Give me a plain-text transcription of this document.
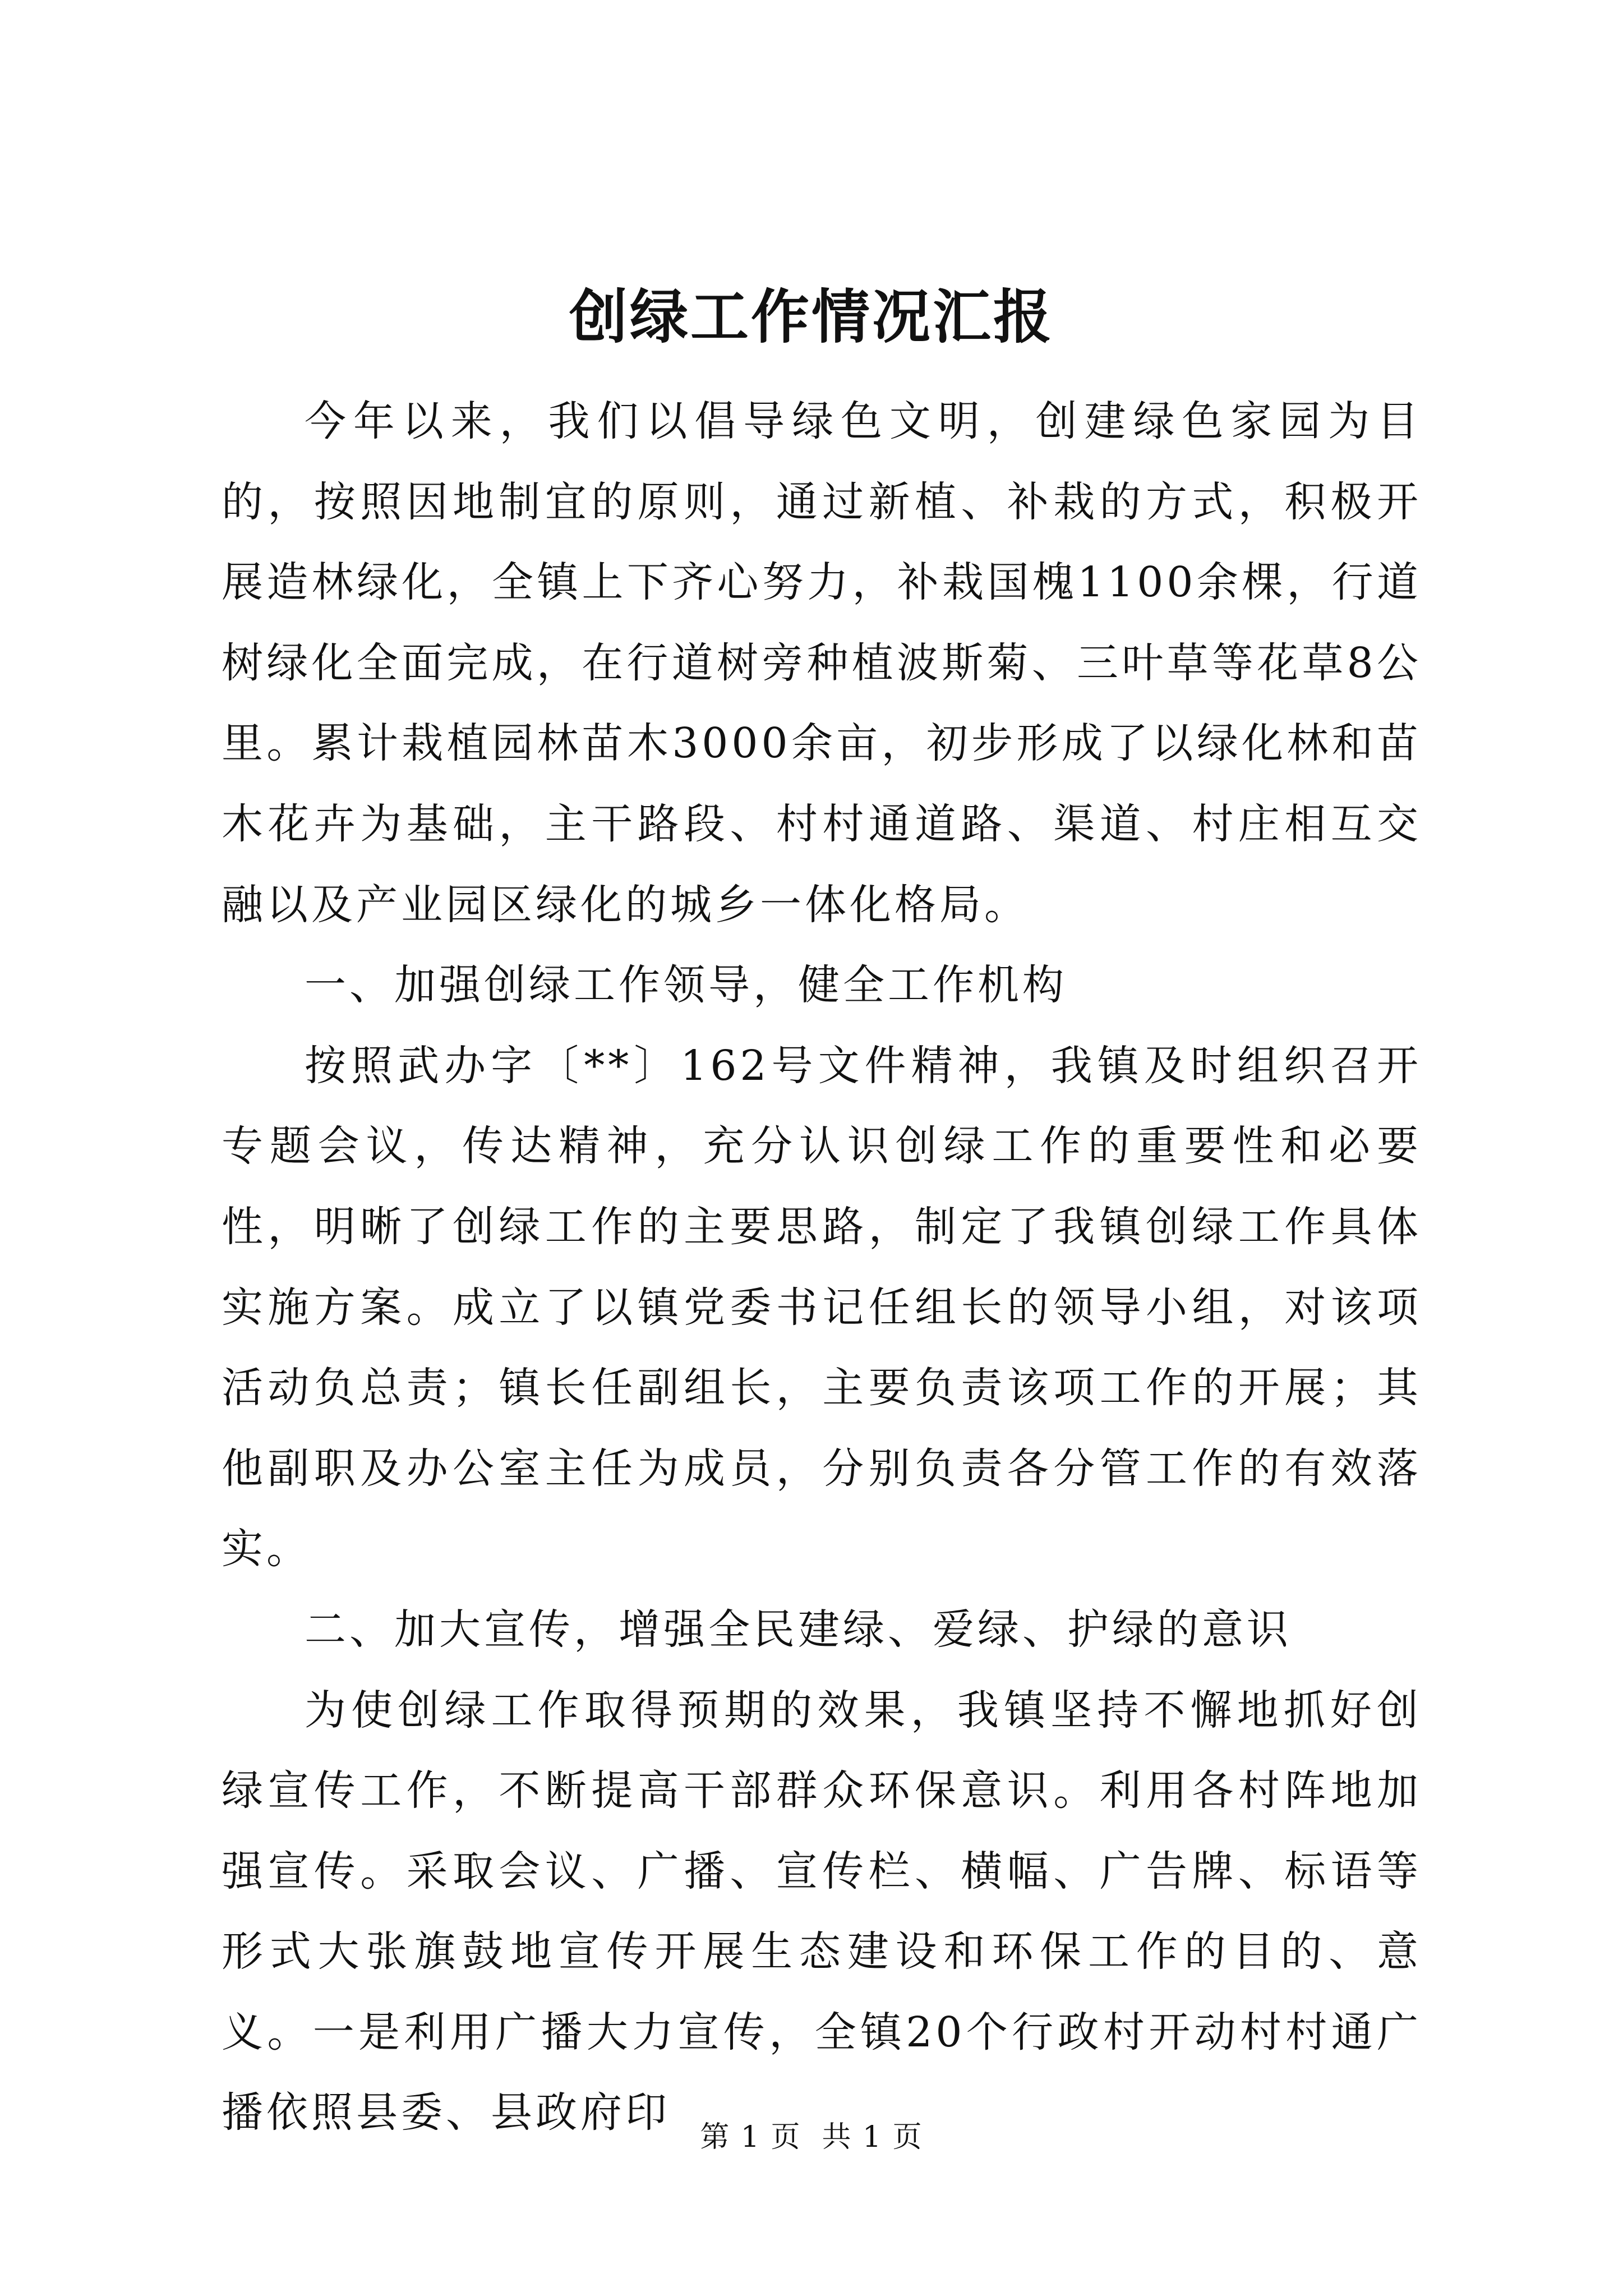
创绿工作情况汇报

今年以来，我们以倡导绿色文明，创建绿色家园为目的，按照因地制宜的原则，通过新植、补栽的方式，积极开展造林绿化，全镇上下齐心努力，补栽国槐1100余棵，行道树绿化全面完成，在行道树旁种植波斯菊、三叶草等花草8公里。累计栽植园林苗木3000余亩，初步形成了以绿化林和苗木花卉为基础，主干路段、村村通道路、渠道、村庄相互交融以及产业园区绿化的城乡一体化格局。

一、加强创绿工作领导，健全工作机构

按照武办字〔**〕162号文件精神，我镇及时组织召开专题会议，传达精神，充分认识创绿工作的重要性和必要性，明晰了创绿工作的主要思路，制定了我镇创绿工作具体实施方案。成立了以镇党委书记任组长的领导小组，对该项活动负总责；镇长任副组长，主要负责该项工作的开展；其他副职及办公室主任为成员，分别负责各分管工作的有效落实。

二、加大宣传，增强全民建绿、爱绿、护绿的意识

为使创绿工作取得预期的效果，我镇坚持不懈地抓好创绿宣传工作，不断提高干部群众环保意识。利用各村阵地加强宣传。采取会议、广播、宣传栏、横幅、广告牌、标语等形式大张旗鼓地宣传开展生态建设和环保工作的目的、意义。一是利用广播大力宣传，全镇20个行政村开动村村通广播依照县委、县政府印

第 1 页  共 1 页
